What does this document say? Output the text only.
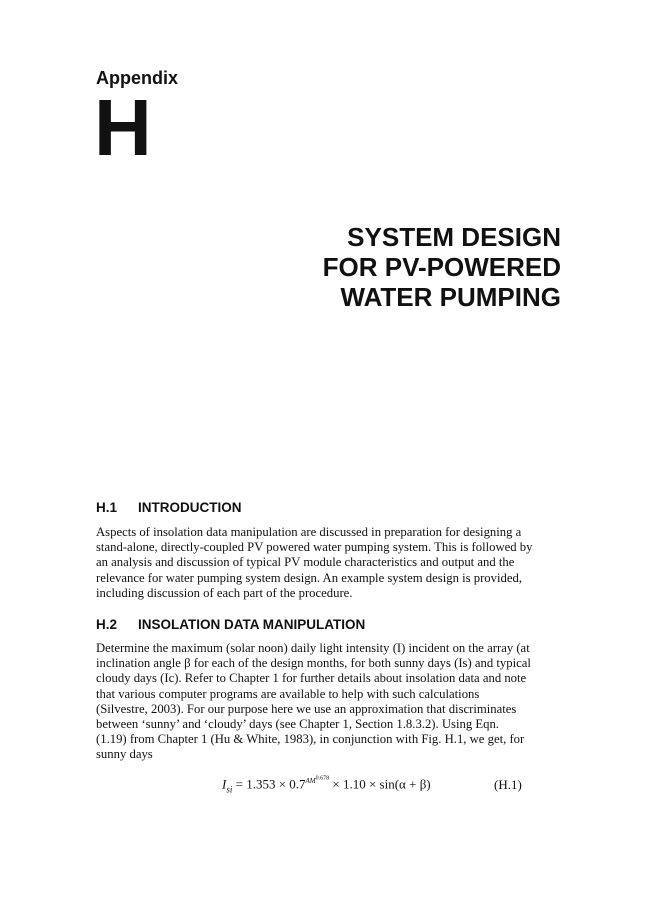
Appendix
H
SYSTEM DESIGN
FOR PV-POWERED
WATER PUMPING
H.1 INTRODUCTION
Aspects of insolation data manipulation are discussed in preparation for designing a
stand-alone, directly-coupled PV powered water pumping system. This is followed by
an analysis and discussion of typical PV module characteristics and output and the
relevance for water pumping system design. An example system design is provided,
including discussion of each part of the procedure.
H.2 INSOLATION DATA MANIPULATION
Determine the maximum (solar noon) daily light intensity (I) incident on the array (at
inclination angle β for each of the design months, for both sunny days (Is) and typical
cloudy days (Ic). Refer to Chapter 1 for further details about insolation data and note
that various computer programs are available to help with such calculations
(Silvestre, 2003). For our purpose here we use an approximation that discriminates
between ‘sunny’ and ‘cloudy’ days (see Chapter 1, Section 1.8.3.2). Using Eqn.
(1.19) from Chapter 1 (Hu & White, 1983), in conjunction with Fig. H.1, we get, for
sunny days
$I_{si} = 1.353 \times 0.7^{AM0.678} \times 1.10 \times \sin(\alpha + \beta)$	(H.1)
